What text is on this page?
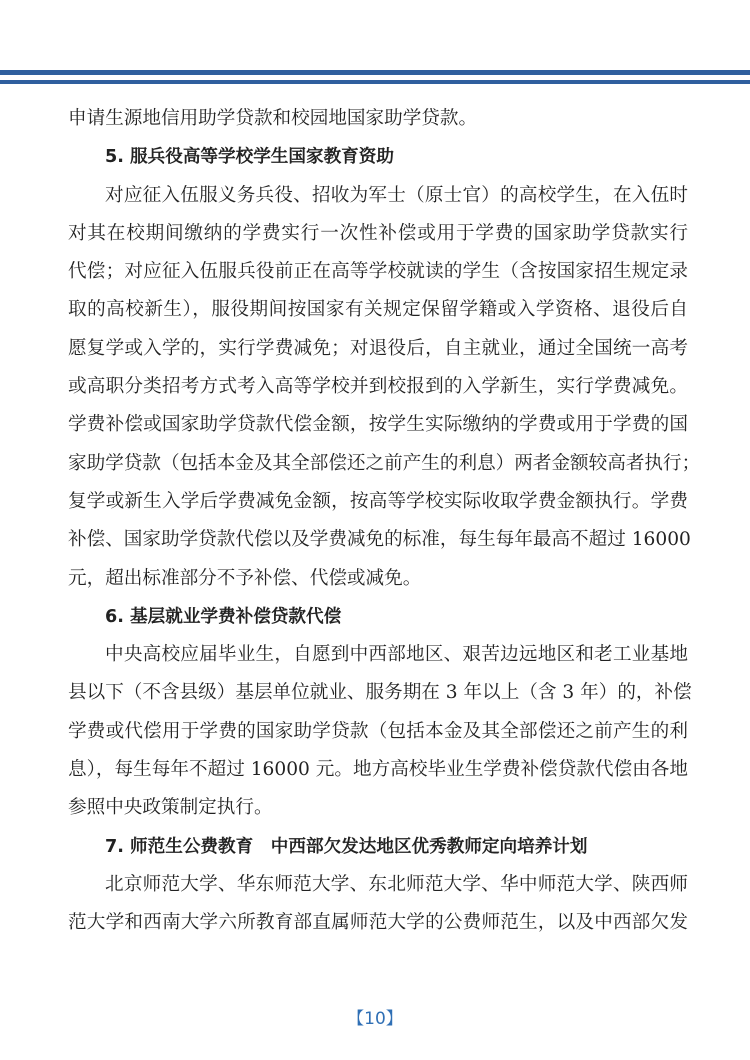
申请生源地信用助学贷款和校园地国家助学贷款。
5. 服兵役高等学校学生国家教育资助
对应征入伍服义务兵役、招收为军士（原士官）的高校学生，在入伍时
对其在校期间缴纳的学费实行一次性补偿或用于学费的国家助学贷款实行
代偿；对应征入伍服兵役前正在高等学校就读的学生（含按国家招生规定录
取的高校新生），服役期间按国家有关规定保留学籍或入学资格、退役后自
愿复学或入学的，实行学费减免；对退役后，自主就业，通过全国统一高考
或高职分类招考方式考入高等学校并到校报到的入学新生，实行学费减免。
学费补偿或国家助学贷款代偿金额，按学生实际缴纳的学费或用于学费的国
家助学贷款（包括本金及其全部偿还之前产生的利息）两者金额较高者执行；
复学或新生入学后学费减免金额，按高等学校实际收取学费金额执行。学费
补偿、国家助学贷款代偿以及学费减免的标准，每生每年最高不超过 16000
元，超出标准部分不予补偿、代偿或减免。
6. 基层就业学费补偿贷款代偿
中央高校应届毕业生，自愿到中西部地区、艰苦边远地区和老工业基地
县以下（不含县级）基层单位就业、服务期在 3 年以上（含 3 年）的，补偿
学费或代偿用于学费的国家助学贷款（包括本金及其全部偿还之前产生的利
息），每生每年不超过 16000 元。地方高校毕业生学费补偿贷款代偿由各地
参照中央政策制定执行。
7. 师范生公费教育　中西部欠发达地区优秀教师定向培养计划
北京师范大学、华东师范大学、东北师范大学、华中师范大学、陕西师
范大学和西南大学六所教育部直属师范大学的公费师范生，以及中西部欠发
【10】
